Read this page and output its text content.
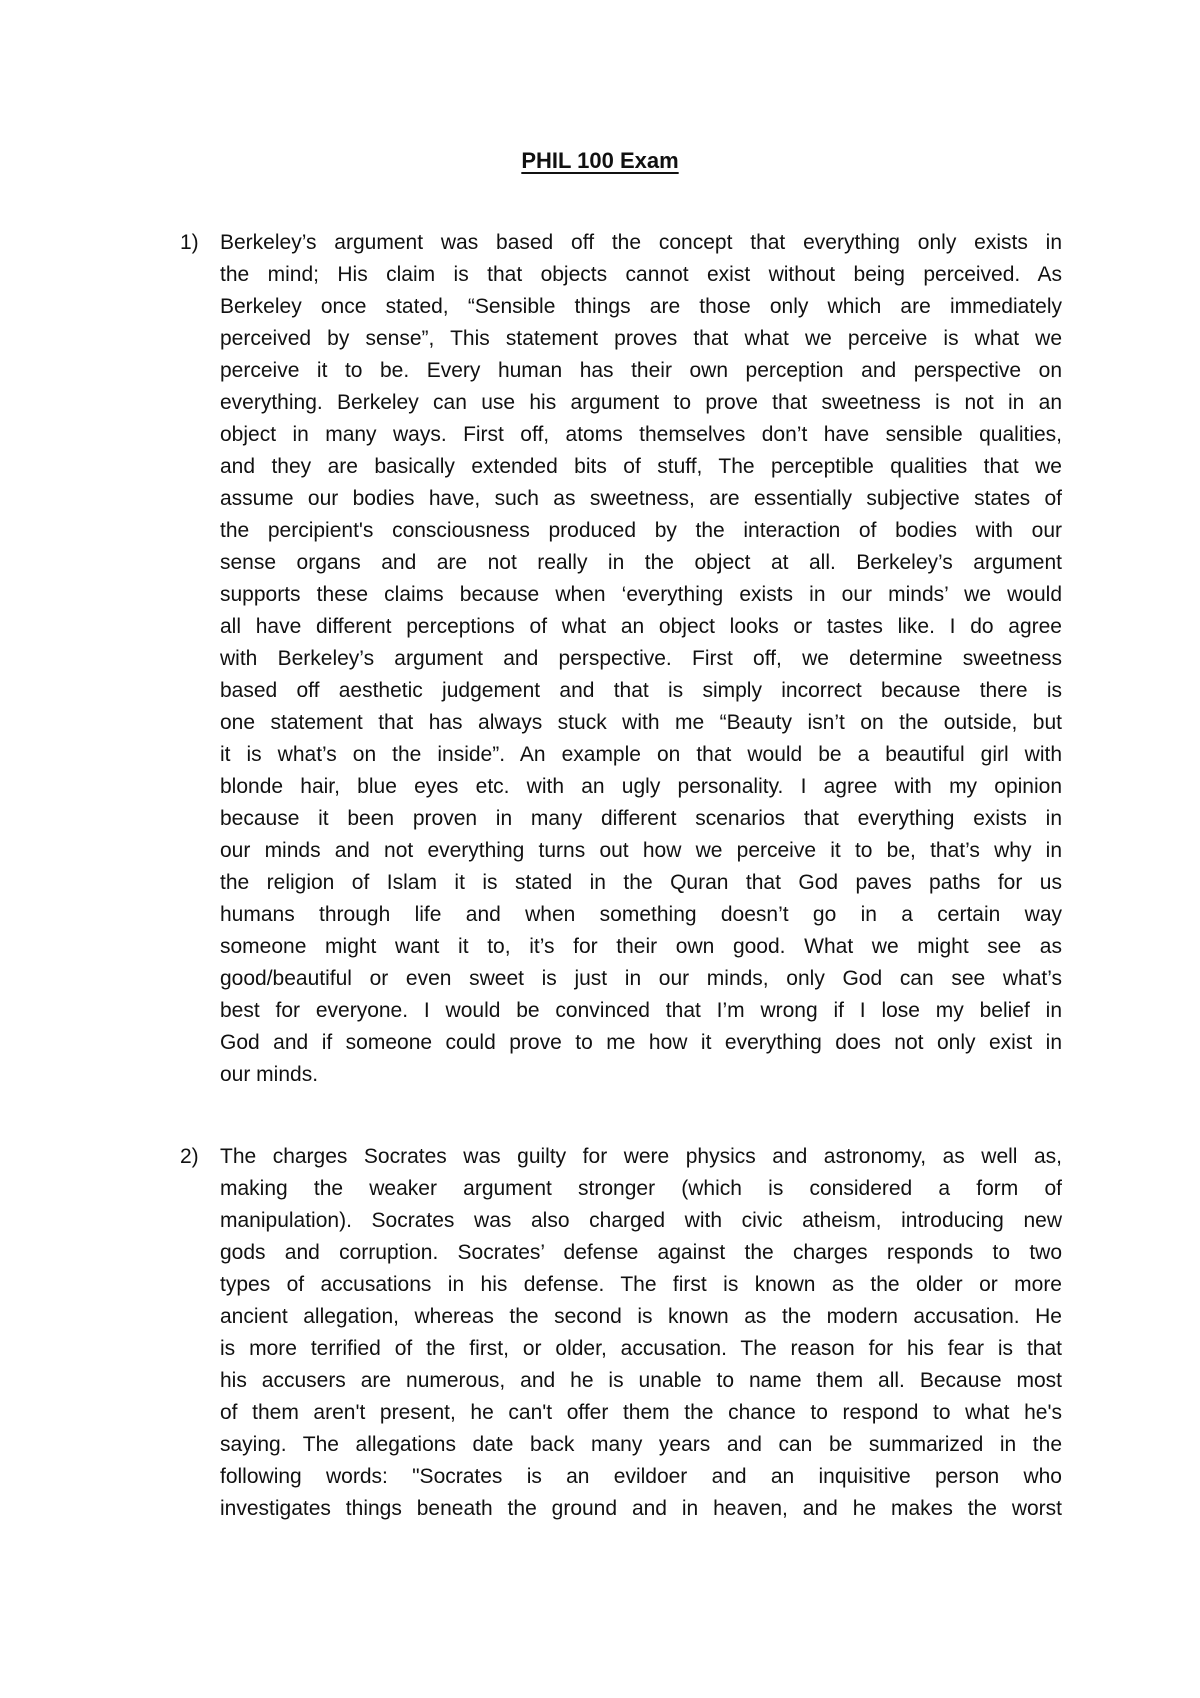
PHIL 100 Exam
1) Berkeley’s argument was based off the concept that everything only exists in
the mind; His claim is that objects cannot exist without being perceived. As
Berkeley once stated, “Sensible things are those only which are immediately
perceived by sense”, This statement proves that what we perceive is what we
perceive it to be. Every human has their own perception and perspective on
everything. Berkeley can use his argument to prove that sweetness is not in an
object in many ways. First off, atoms themselves don’t have sensible qualities,
and they are basically extended bits of stuff, The perceptible qualities that we
assume our bodies have, such as sweetness, are essentially subjective states of
the percipient's consciousness produced by the interaction of bodies with our
sense organs and are not really in the object at all. Berkeley’s argument
supports these claims because when ‘everything exists in our minds’ we would
all have different perceptions of what an object looks or tastes like. I do agree
with Berkeley’s argument and perspective. First off, we determine sweetness
based off aesthetic judgement and that is simply incorrect because there is
one statement that has always stuck with me “Beauty isn’t on the outside, but
it is what’s on the inside”. An example on that would be a beautiful girl with
blonde hair, blue eyes etc. with an ugly personality. I agree with my opinion
because it been proven in many different scenarios that everything exists in
our minds and not everything turns out how we perceive it to be, that’s why in
the religion of Islam it is stated in the Quran that God paves paths for us
humans through life and when something doesn’t go in a certain way
someone might want it to, it’s for their own good. What we might see as
good/beautiful or even sweet is just in our minds, only God can see what’s
best for everyone. I would be convinced that I’m wrong if I lose my belief in
God and if someone could prove to me how it everything does not only exist in
our minds.
2) The charges Socrates was guilty for were physics and astronomy, as well as,
making the weaker argument stronger (which is considered a form of
manipulation). Socrates was also charged with civic atheism, introducing new
gods and corruption. Socrates’ defense against the charges responds to two
types of accusations in his defense. The first is known as the older or more
ancient allegation, whereas the second is known as the modern accusation. He
is more terrified of the first, or older, accusation. The reason for his fear is that
his accusers are numerous, and he is unable to name them all. Because most
of them aren't present, he can't offer them the chance to respond to what he's
saying. The allegations date back many years and can be summarized in the
following words: "Socrates is an evildoer and an inquisitive person who
investigates things beneath the ground and in heaven, and he makes the worst
